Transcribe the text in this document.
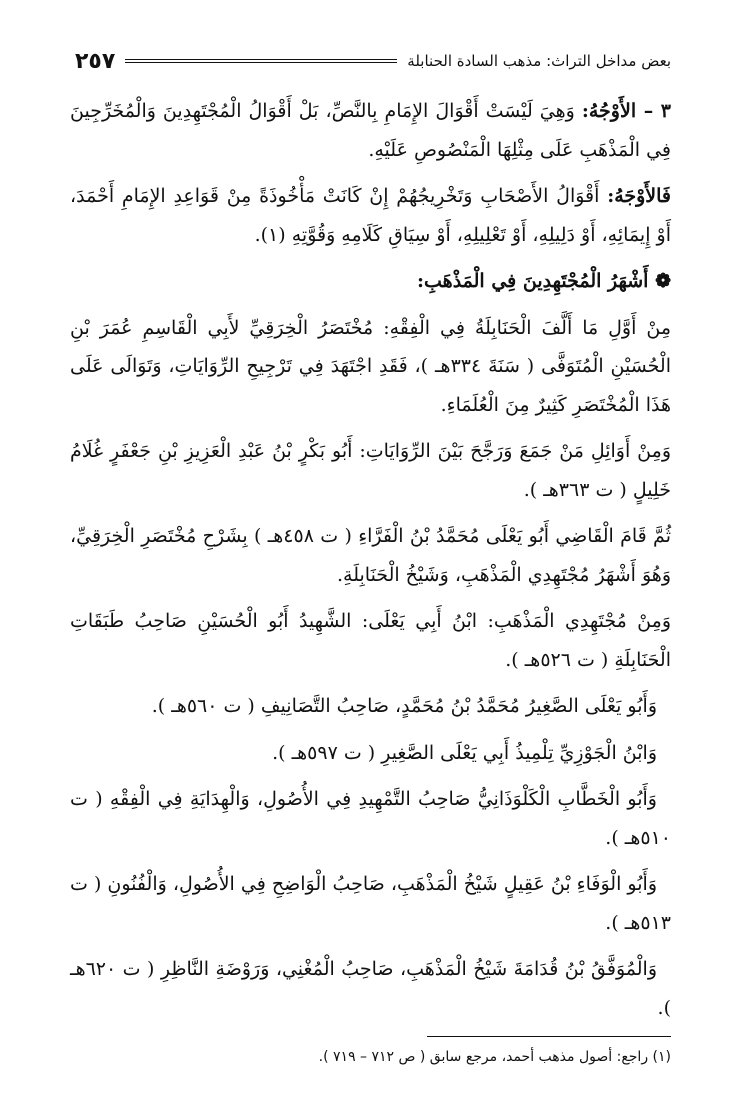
بعض مداخل التراث: مذهب السادة الحنابلة
٢٥٧

٣ – الأَوْجُهُ: وَهِيَ لَيْسَتْ أَقْوَالَ الإِمَامِ بِالنَّصِّ، بَلْ أَقْوَالُ الْمُجْتَهِدِينَ وَالْمُخَرِّجِينَ فِي الْمَذْهَبِ عَلَى مِثْلِهَا الْمَنْصُوصِ عَلَيْهِ.

فَالأَوْجَهُ: أَقْوَالُ الأَصْحَابِ وَتَخْرِيجُهُمْ إِنْ كَانَتْ مَأْخُوذَةً مِنْ قَوَاعِدِ الإِمَامِ أَحْمَدَ، أَوْ إِيمَائِهِ، أَوْ دَلِيلِهِ، أَوْ تَعْلِيلِهِ، أَوْ سِيَاقِ كَلَامِهِ وَقُوَّتِهِ (١).

❁ أَشْهَرُ الْمُجْتَهِدِينَ فِي الْمَذْهَبِ:

مِنْ أَوَّلِ مَا أَلَّفَ الْحَنَابِلَةُ فِي الْفِقْهِ: مُخْتَصَرُ الْخِرَقِيِّ لأَبِي الْقَاسِمِ عُمَرَ بْنِ الْحُسَيْنِ الْمُتَوَفَّى ( سَنَةَ ٣٣٤هـ )، فَقَدِ اجْتَهَدَ فِي تَرْجِيحِ الرِّوَايَاتِ، وَتَوَالَى عَلَى هَذَا الْمُخْتَصَرِ كَثِيرٌ مِنَ الْعُلَمَاءِ.

وَمِنْ أَوَائِلِ مَنْ جَمَعَ وَرَجَّحَ بَيْنَ الرِّوَايَاتِ: أَبُو بَكْرٍ بْنُ عَبْدِ الْعَزِيزِ بْنِ جَعْفَرٍ غُلَامُ خَلِيلٍ ( ت ٣٦٣هـ ).

ثُمَّ قَامَ الْقَاضِي أَبُو يَعْلَى مُحَمَّدُ بْنُ الْفَرَّاءِ ( ت ٤٥٨هـ ) بِشَرْحِ مُخْتَصَرِ الْخِرَقِيِّ، وَهُوَ أَشْهَرُ مُجْتَهِدِي الْمَذْهَبِ، وَشَيْخُ الْحَنَابِلَةِ.

وَمِنْ مُجْتَهِدِي الْمَذْهَبِ: ابْنُ أَبِي يَعْلَى: الشَّهِيدُ أَبُو الْحُسَيْنِ صَاحِبُ طَبَقَاتِ الْحَنَابِلَةِ ( ت ٥٢٦هـ ).

وَأَبُو يَعْلَى الصَّغِيرُ مُحَمَّدُ بْنُ مُحَمَّدٍ، صَاحِبُ التَّصَانِيفِ ( ت ٥٦٠هـ ).

وَابْنُ الْجَوْزِيِّ تِلْمِيذُ أَبِي يَعْلَى الصَّغِيرِ ( ت ٥٩٧هـ ).

وَأَبُو الْخَطَّابِ الْكَلْوَذَانِيُّ صَاحِبُ التَّمْهِيدِ فِي الأُصُولِ، وَالْهِدَايَةِ فِي الْفِقْهِ ( ت ٥١٠هـ ).

وَأَبُو الْوَفَاءِ بْنُ عَقِيلٍ شَيْخُ الْمَذْهَبِ، صَاحِبُ الْوَاضِحِ فِي الأُصُولِ، وَالْفُنُونِ ( ت ٥١٣هـ ).

وَالْمُوَفَّقُ بْنُ قُدَامَةَ شَيْخُ الْمَذْهَبِ، صَاحِبُ الْمُغْنِي، وَرَوْضَةِ النَّاظِرِ ( ت ٦٢٠هـ ).

(١) راجع: أصول مذهب أحمد، مرجع سابق ( ص ٧١٢ – ٧١٩ ).
